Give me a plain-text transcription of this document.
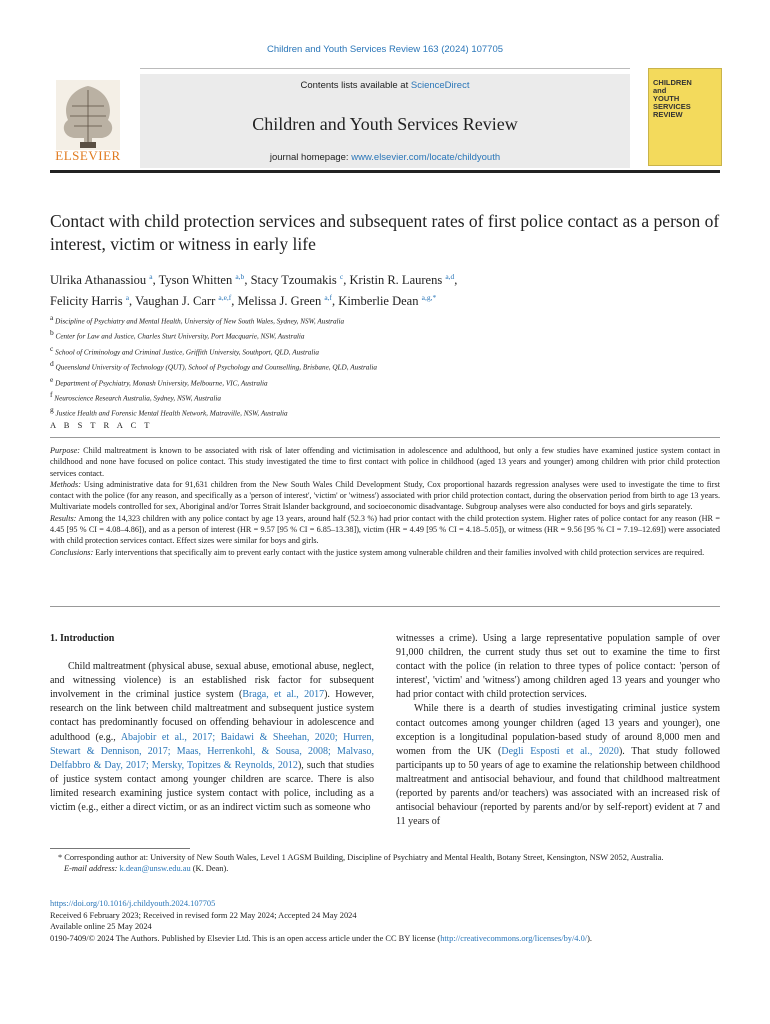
Children and Youth Services Review 163 (2024) 107705
ELSEVIER
Contents lists available at ScienceDirect
Children and Youth Services Review
journal homepage: www.elsevier.com/locate/childyouth
CHILDREN
and
YOUTH
SERVICES
REVIEW
Contact with child protection services and subsequent rates of first police contact as a person of interest, victim or witness in early life
Ulrika Athanassiou $^a$, Tyson Whitten $^{a,b}$, Stacy Tzoumakis $^c$, Kristin R. Laurens $^{a,d}$,
Felicity Harris $^a$, Vaughan J. Carr $^{a,e,f}$, Melissa J. Green $^{a,f}$, Kimberlie Dean $^{a,g,*}$
$^a$ Discipline of Psychiatry and Mental Health, University of New South Wales, Sydney, NSW, Australia
$^b$ Center for Law and Justice, Charles Sturt University, Port Macquarie, NSW, Australia
$^c$ School of Criminology and Criminal Justice, Griffith University, Southport, QLD, Australia
$^d$ Queensland University of Technology (QUT), School of Psychology and Counselling, Brisbane, QLD, Australia
$^e$ Department of Psychiatry, Monash University, Melbourne, VIC, Australia
$^f$ Neuroscience Research Australia, Sydney, NSW, Australia
$^g$ Justice Health and Forensic Mental Health Network, Matraville, NSW, Australia
A B S T R A C T
Purpose: Child maltreatment is known to be associated with risk of later offending and victimisation in adolescence and adulthood, but only a few studies have examined justice system contact in childhood and none have focused on police contact. This study investigated the time to first contact with police in childhood (aged 13 years and younger) among children with prior child protection services contact.
Methods: Using administrative data for 91,631 children from the New South Wales Child Development Study, Cox proportional hazards regression analyses were used to investigate the time to first contact with the police (for any reason, and specifically as a 'person of interest', 'victim' or 'witness') associated with prior child protection contact, during the observation period from birth to age 13 years. Multivariate models controlled for sex, Aboriginal and/or Torres Strait Islander background, and socioeconomic disadvantage. Subgroup analyses were also conducted for boys and girls separately.
Results: Among the 14,323 children with any police contact by age 13 years, around half (52.3 %) had prior contact with the child protection system. Higher rates of police contact for any reason (HR = 4.45 [95 % CI = 4.08–4.86]), and as a person of interest (HR = 9.57 [95 % CI = 6.85–13.38]), victim (HR = 4.49 [95 % CI = 4.18–5.05]), or witness (HR = 9.56 [95 % CI = 7.19–12.69]) were associated with child protection services contact. Effect sizes were similar for boys and girls.
Conclusions: Early interventions that specifically aim to prevent early contact with the justice system among vulnerable children and their families involved with child protection services are required.
1. Introduction

Child maltreatment (physical abuse, sexual abuse, emotional abuse, neglect, and witnessing violence) is an established risk factor for subsequent involvement in the criminal justice system (Braga, et al., 2017). However, research on the link between child maltreatment and subsequent justice system contact has predominantly focused on offending behaviour in adolescence and adulthood (e.g., Abajobir et al., 2017; Baidawi & Sheehan, 2020; Hurren, Stewart & Dennison, 2017; Maas, Herrenkohl, & Sousa, 2008; Malvaso, Delfabbro & Day, 2017; Mersky, Topitzes & Reynolds, 2012), such that studies of justice system contact among younger children are scarce. There is also limited research examining justice system contact with police, including as a victim (e.g., either a direct victim, or as an indirect victim such as someone who

witnesses a crime). Using a large representative population sample of over 91,000 children, the current study thus set out to examine the time to first contact with the police (in relation to three types of police contact: 'person of interest', 'victim' and 'witness') among children aged 13 years and younger who had prior contact with child protection services.

While there is a dearth of studies investigating criminal justice system contact outcomes among younger children (aged 13 years and younger), one exception is a longitudinal population-based study of around 8,000 men and women from the UK (Degli Esposti et al., 2020). That study followed participants up to 50 years of age to examine the relationship between childhood maltreatment and antisocial behaviour, and found that childhood maltreatment (reported by parents and/or teachers) was associated with an increased risk of antisocial behaviour (reported by parents and/or by self-report) evident at 7 and 11 years of

* Corresponding author at: University of New South Wales, Level 1 AGSM Building, Discipline of Psychiatry and Mental Health, Botany Street, Kensington, NSW 2052, Australia.
E-mail address: k.dean@unsw.edu.au (K. Dean).
https://doi.org/10.1016/j.childyouth.2024.107705
Received 6 February 2023; Received in revised form 22 May 2024; Accepted 24 May 2024
Available online 25 May 2024
0190-7409/© 2024 The Authors. Published by Elsevier Ltd. This is an open access article under the CC BY license (http://creativecommons.org/licenses/by/4.0/).
